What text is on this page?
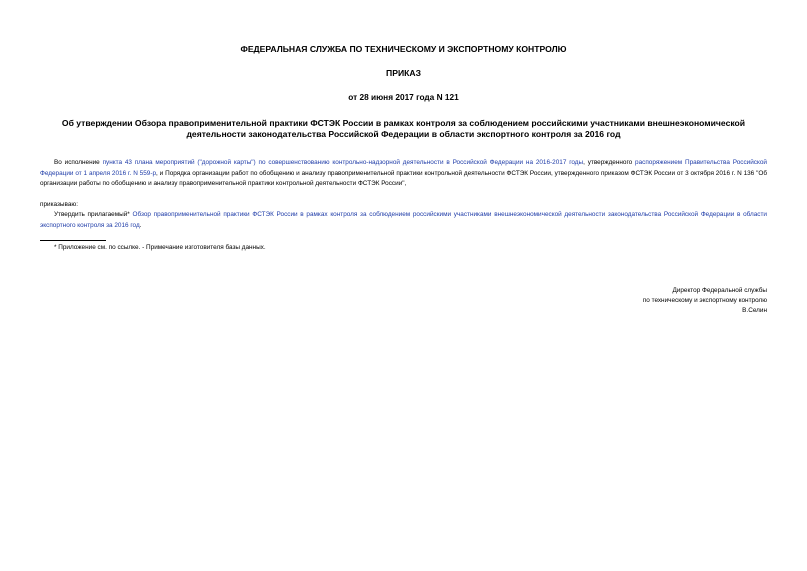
ФЕДЕРАЛЬНАЯ СЛУЖБА ПО ТЕХНИЧЕСКОМУ И ЭКСПОРТНОМУ КОНТРОЛЮ
ПРИКАЗ
от 28 июня 2017 года N 121
Об утверждении Обзора правоприменительной практики ФСТЭК России в рамках контроля за соблюдением российскими участниками внешнеэкономической деятельности законодательства Российской Федерации в области экспортного контроля за 2016 год
Во исполнение пункта 43 плана мероприятий ("дорожной карты") по совершенствованию контрольно-надзорной деятельности в Российской Федерации на 2016-2017 годы, утвержденного распоряжением Правительства Российской Федерации от 1 апреля 2016 г. N 559-р, и Порядка организации работ по обобщению и анализу правоприменительной практики контрольной деятельности ФСТЭК России, утвержденного приказом ФСТЭК России от 3 октября 2016 г. N 136 "Об организации работы по обобщению и анализу правоприменительной практики контрольной деятельности ФСТЭК России",
приказываю:
Утвердить прилагаемый* Обзор правоприменительной практики ФСТЭК России в рамках контроля за соблюдением российскими участниками внешнеэкономической деятельности законодательства Российской Федерации в области экспортного контроля за 2016 год.
* Приложение см. по ссылке. - Примечание изготовителя базы данных.
Директор Федеральной службы
по техническому и экспортному контролю
В.Селин
